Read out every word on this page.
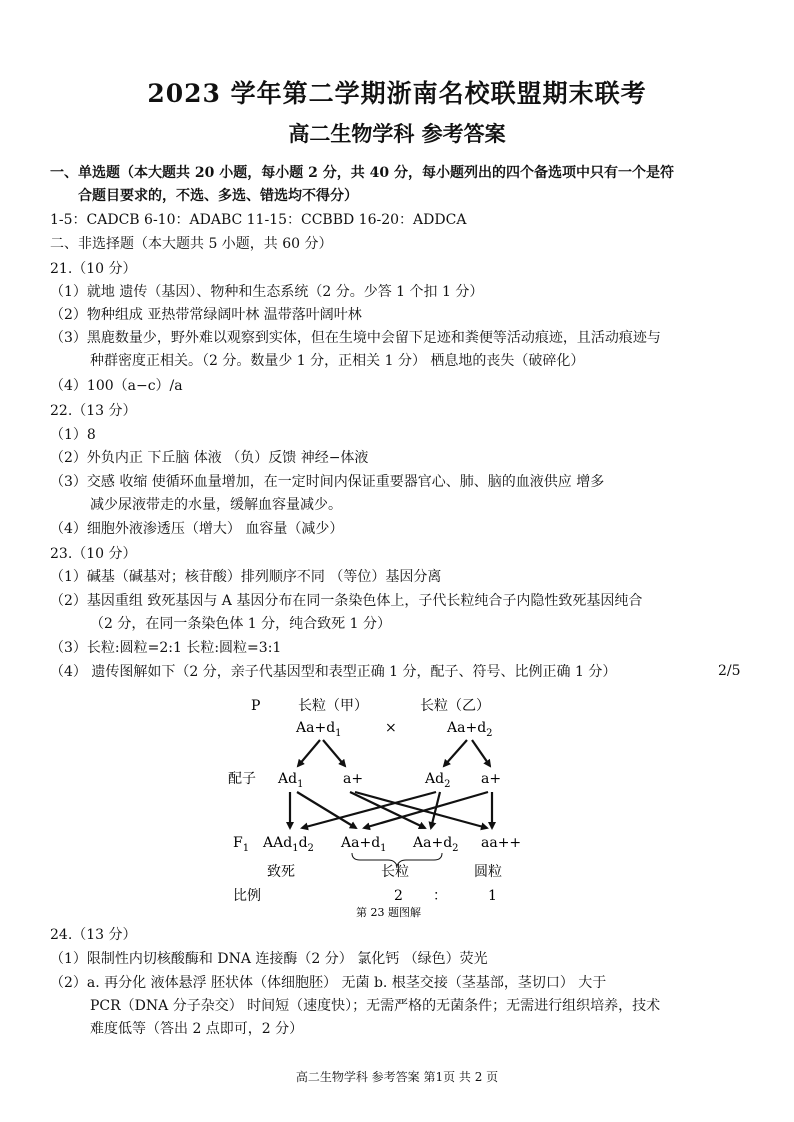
2023 学年第二学期浙南名校联盟期末联考
高二生物学科 参考答案
一、单选题（本大题共 20 小题，每小题 2 分，共 40 分，每小题列出的四个备选项中只有一个是符
合题目要求的，不选、多选、错选均不得分）
1-5：CADCB 6-10：ADABC 11-15：CCBBD 16-20：ADDCA
二、非选择题（本大题共 5 小题，共 60 分）
21.（10 分）
（1）就地 遗传（基因）、物种和生态系统（2 分。少答 1 个扣 1 分）
（2）物种组成 亚热带常绿阔叶林 温带落叶阔叶林
（3）黑鹿数量少，野外难以观察到实体，但在生境中会留下足迹和粪便等活动痕迹，且活动痕迹与
种群密度正相关。（2 分。数量少 1 分，正相关 1 分） 栖息地的丧失（破碎化）
（4）100（a−c）/a
22.（13 分）
（1）8
（2）外负内正 下丘脑 体液 （负）反馈 神经−体液
（3）交感 收缩 使循环血量增加，在一定时间内保证重要器官心、肺、脑的血液供应 增多
减少尿液带走的水量，缓解血容量减少。
（4）细胞外液渗透压（增大） 血容量（减少）
23.（10 分）
（1）碱基（碱基对；核苷酸）排列顺序不同 （等位）基因分离
（2）基因重组 致死基因与 A 基因分布在同一条染色体上，子代长粒纯合子内隐性致死基因纯合
（2 分，在同一条染色体 1 分，纯合致死 1 分）
（3）长粒:圆粒=2:1 长粒:圆粒=3:1
（4） 遗传图解如下（2 分，亲子代基因型和表型正确 1 分，配子、符号、比例正确 1 分）	2/5
P	长粒（甲）	长粒（乙）
$Aa+d_1$	×	$Aa+d_2$
配子 $Ad_1$	a+	$Ad_2$ a+
$F_1$ $AAd_1d_2$ $Aa+d_1$ $Aa+d_2$ aa++
致死	长粒	圆粒
比例	2 ：	1
第 23 题图解
24.（13 分）
（1）限制性内切核酸酶和 DNA 连接酶（2 分） 氯化钙 （绿色）荧光
（2）a. 再分化 液体悬浮 胚状体（体细胞胚） 无菌 b. 根茎交接（茎基部，茎切口） 大于
PCR（DNA 分子杂交） 时间短（速度快）；无需严格的无菌条件；无需进行组织培养，技术
难度低等（答出 2 点即可，2 分）
高二生物学科 参考答案 第1页 共 2 页
